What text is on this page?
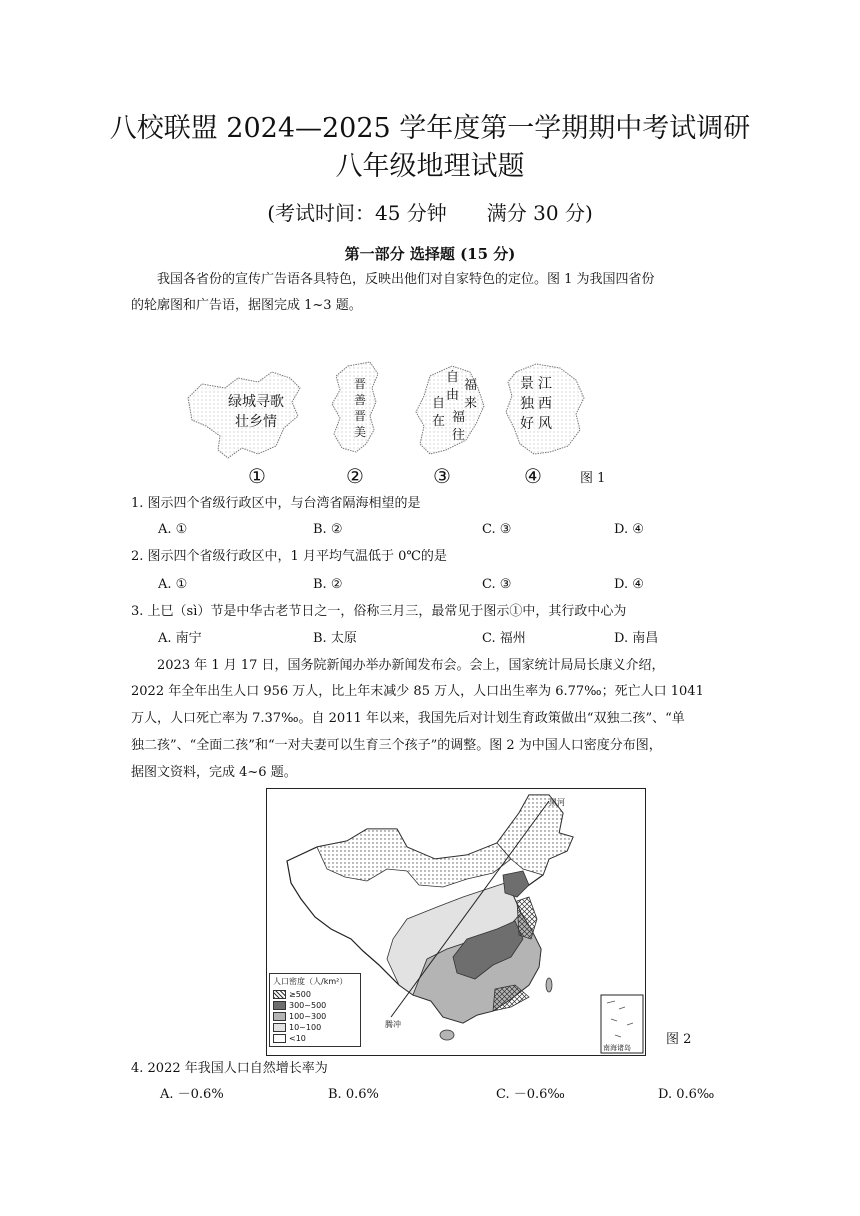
八校联盟 2024—2025 学年度第一学期期中考试调研
八年级地理试题
(考试时间：45 分钟　　满分 30 分)
第一部分 选择题 (15 分)
我国各省份的宣传广告语各具特色，反映出他们对自家特色的定位。图 1 为我国四省份
的轮廓图和广告语，据图完成 1~3 题。
绿城寻歌
壮乡情
晋
善
晋
美
自
由
福
来
自
在 福
往
景 江
独 西
好 风
①	②	③	④	图 1
1. 图示四个省级行政区中，与台湾省隔海相望的是
A. ①	B. ②	C. ③	D. ④
2. 图示四个省级行政区中，1 月平均气温低于 0℃的是
A. ①	B. ②	C. ③	D. ④
3. 上巳（sì）节是中华古老节日之一，俗称三月三，最常见于图示①中，其行政中心为
A. 南宁	B. 太原	C. 福州	D. 南昌
2023 年 1 月 17 日，国务院新闻办举办新闻发布会。会上，国家统计局局长康义介绍，
2022 年全年出生人口 956 万人，比上年末减少 85 万人，人口出生率为 6.77‰；死亡人口 1041
万人，人口死亡率为 7.37‰。自 2011 年以来，我国先后对计划生育政策做出“双独二孩”、“单
独二孩”、“全面二孩”和“一对夫妻可以生育三个孩子”的调整。图 2 为中国人口密度分布图，
据图文资料，完成 4~6 题。
黑河
腾冲
南海诸岛
人口密度（人/km²）
≥500
300~500
100~300
10~100
<10	图 2
4. 2022 年我国人口自然增长率为
A. －0.6%	B. 0.6%	C. －0.6‰	D. 0.6‰
